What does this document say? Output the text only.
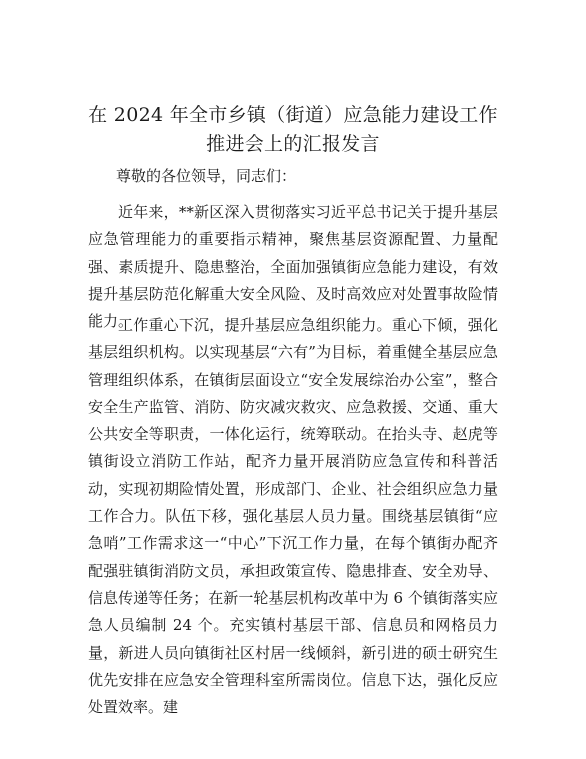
在 2024 年全市乡镇（街道）应急能力建设工作
推进会上的汇报发言

尊敬的各位领导，同志们：

近年来，**新区深入贯彻落实习近平总书记关于提升基层应急管理能力的重要指示精神，聚焦基层资源配置、力量配强、素质提升、隐患整治，全面加强镇街应急能力建设，有效提升基层防范化解重大安全风险、及时高效应对处置事故险情能力。

工作重心下沉，提升基层应急组织能力。重心下倾，强化基层组织机构。以实现基层“六有”为目标，着重健全基层应急管理组织体系，在镇街层面设立“安全发展综治办公室”，整合安全生产监管、消防、防灾减灾救灾、应急救援、交通、重大公共安全等职责，一体化运行，统筹联动。在抬头寺、赵虎等镇街设立消防工作站，配齐力量开展消防应急宣传和科普活动，实现初期险情处置，形成部门、企业、社会组织应急力量工作合力。队伍下移，强化基层人员力量。围绕基层镇街“应急哨”工作需求这一“中心”下沉工作力量，在每个镇街办配齐配强驻镇街消防文员，承担政策宣传、隐患排查、安全劝导、信息传递等任务；在新一轮基层机构改革中为 6 个镇街落实应急人员编制 24 个。充实镇村基层干部、信息员和网格员力量，新进人员向镇街社区村居一线倾斜，新引进的硕士研究生优先安排在应急安全管理科室所需岗位。信息下达，强化反应处置效率。建
